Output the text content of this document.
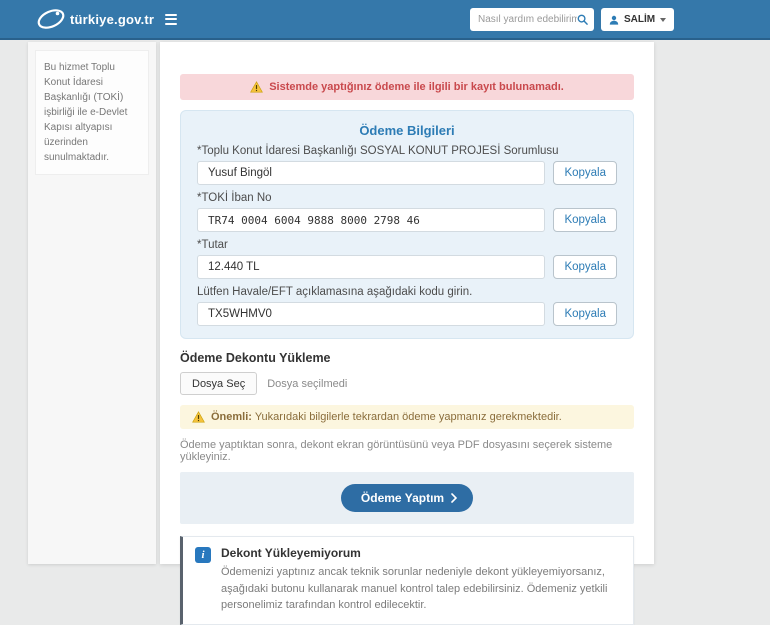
türkiye.gov.tr
Nasıl yardım edebilirim?	SALİM
Bu hizmet Toplu Konut İdaresi Başkanlığı (TOKİ) işbirliği ile e-Devlet Kapısı altyapısı üzerinden sunulmaktadır.
Sistemde yaptığınız ödeme ile ilgili bir kayıt bulunamadı.
Ödeme Bilgileri
*Toplu Konut İdaresi Başkanlığı SOSYAL KONUT PROJESİ Sorumlusu
Yusuf Bingöl
Kopyala
*TOKİ İban No
TR74 0004 6004 9888 8000 2798 46
Kopyala
*Tutar
12.440 TL
Kopyala
Lütfen Havale/EFT açıklamasına aşağıdaki kodu girin.
TX5WHMV0
Kopyala
Ödeme Dekontu Yükleme
Dosya Seç	Dosya seçilmedi
Önemli: Yukarıdaki bilgilerle tekrardan ödeme yapmanız gerekmektedir.
Ödeme yaptıktan sonra, dekont ekran görüntüsünü veya PDF dosyasını seçerek sisteme yükleyiniz.
Ödeme Yaptım
i	Dekont Yükleyemiyorum
Ödemenizi yaptınız ancak teknik sorunlar nedeniyle dekont yükleyemiyorsanız, aşağıdaki butonu kullanarak manuel kontrol talep edebilirsiniz. Ödemeniz yetkili personelimiz tarafından kontrol edilecektir.
